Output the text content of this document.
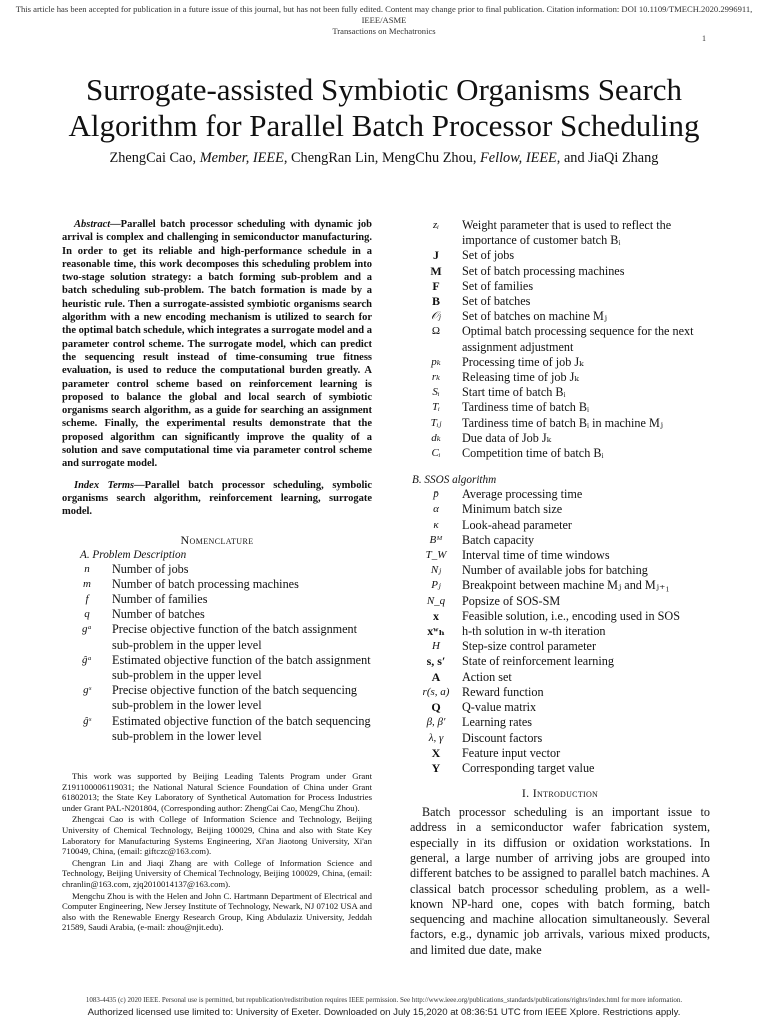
This article has been accepted for publication in a future issue of this journal, but has not been fully edited. Content may change prior to final publication. Citation information: DOI 10.1109/TMECH.2020.2996911, IEEE/ASME
Transactions on Mechatronics
1
Surrogate-assisted Symbiotic Organisms Search
Algorithm for Parallel Batch Processor Scheduling
ZhengCai Cao, Member, IEEE, ChengRan Lin, MengChu Zhou, Fellow, IEEE, and JiaQi Zhang

Abstract—Parallel batch processor scheduling with dynamic job arrival is complex and challenging in semiconductor manufacturing. In order to get its reliable and high-performance schedule in a reasonable time, this work decomposes this scheduling problem into two-stage solution strategy: a batch forming sub-problem and a batch scheduling sub-problem. The batch formation is made by a heuristic rule. Then a surrogate-assisted symbiotic organisms search algorithm with a new encoding mechanism is utilized to search for the optimal batch schedule, which integrates a surrogate model and a parameter control scheme. The surrogate model, which can predict the sequencing result instead of time-consuming true fitness evaluation, is used to reduce the computational burden greatly. A parameter control scheme based on reinforcement learning is proposed to balance the global and local search of symbiotic organisms search algorithm, as a guide for searching an assignment scheme. Finally, the experimental results demonstrate that the proposed algorithm can significantly improve the quality of a solution and save computational time via parameter control scheme and surrogate model.

Index Terms—Parallel batch processor scheduling, symbolic organisms search algorithm, reinforcement learning, surrogate model.

Nomenclature
A. Problem Description
n	Number of jobs
m	Number of batch processing machines
f	Number of families
q	Number of batches
gᵃ	Precise objective function of the batch assignment sub-problem in the upper level
ĝᵃ	Estimated objective function of the batch assignment sub-problem in the upper level
gˢ	Precise objective function of the batch sequencing sub-problem in the lower level
ĝˢ	Estimated objective function of the batch sequencing sub-problem in the lower level

This work was supported by Beijing Leading Talents Program under Grant Z191100006119031; the National Natural Science Foundation of China under Grant 61802013; the State Key Laboratory of Synthetical Automation for Process Industries under Grant PAL-N201804, (Corresponding author: ZhengCai Cao, MengChu Zhou).

Zhengcai Cao is with College of Information Science and Technology, Beijing University of Chemical Technology, Beijing 100029, China and also with State Key Laboratory for Manufacturing Systems Engineering, Xi'an Jiaotong University, Xi'an 710049, China, (email: giftczc@163.com).

Chengran Lin and Jiaqi Zhang are with College of Information Science and Technology, Beijing University of Chemical Technology, Beijing 100029, China, (email: chranlin@163.com, zjq2010014137@163.com).

Mengchu Zhou is with the Helen and John C. Hartmann Department of Electrical and Computer Engineering, New Jersey Institute of Technology, Newark, NJ 07102 USA and also with the Renewable Energy Research Group, King Abdulaziz University, Jeddah 21589, Saudi Arabia, (e-mail: zhou@njit.edu).

zᵢ	Weight parameter that is used to reflect the importance of customer batch Bᵢ
J	Set of jobs
M	Set of batch processing machines
F	Set of families
B	Set of batches
𝒪ⱼ	Set of batches on machine Mⱼ
Ω	Optimal batch processing sequence for the next assignment adjustment
pₖ	Processing time of job Jₖ
rₖ	Releasing time of job Jₖ
Sᵢ	Start time of batch Bᵢ
Tᵢ	Tardiness time of batch Bᵢ
Tᵢⱼ	Tardiness time of batch Bᵢ in machine Mⱼ
dₖ	Due data of Job Jₖ
Cᵢ	Competition time of batch Bᵢ
B. SSOS algorithm
p̄	Average processing time
α	Minimum batch size
κ	Look-ahead parameter
Bᴹ	Batch capacity
T_W	Interval time of time windows
Nⱼ	Number of available jobs for batching
Pⱼ	Breakpoint between machine Mⱼ and Mⱼ₊₁
N_q	Popsize of SOS-SM
x	Feasible solution, i.e., encoding used in SOS
xʷₕ	h-th solution in w-th iteration
H	Step-size control parameter
s, s′	State of reinforcement learning
A	Action set
r(s, a)	Reward function
Q	Q-value matrix
β, β′	Learning rates
λ, γ	Discount factors
X	Feature input vector
Y	Corresponding target value
I. Introduction

Batch processor scheduling is an important issue to address in a semiconductor wafer fabrication system, especially in its diffusion or oxidation workstations. In general, a large number of arriving jobs are grouped into different batches to be assigned to parallel batch machines. A classical batch processor scheduling problem, as a well-known NP-hard one, copes with batch forming, batch sequencing and machine allocation simultaneously. Several factors, e.g., dynamic job arrivals, various mixed products, and limited due date, make

1083-4435 (c) 2020 IEEE. Personal use is permitted, but republication/redistribution requires IEEE permission. See http://www.ieee.org/publications_standards/publications/rights/index.html for more information.
Authorized licensed use limited to: University of Exeter. Downloaded on July 15,2020 at 08:36:51 UTC from IEEE Xplore. Restrictions apply.
